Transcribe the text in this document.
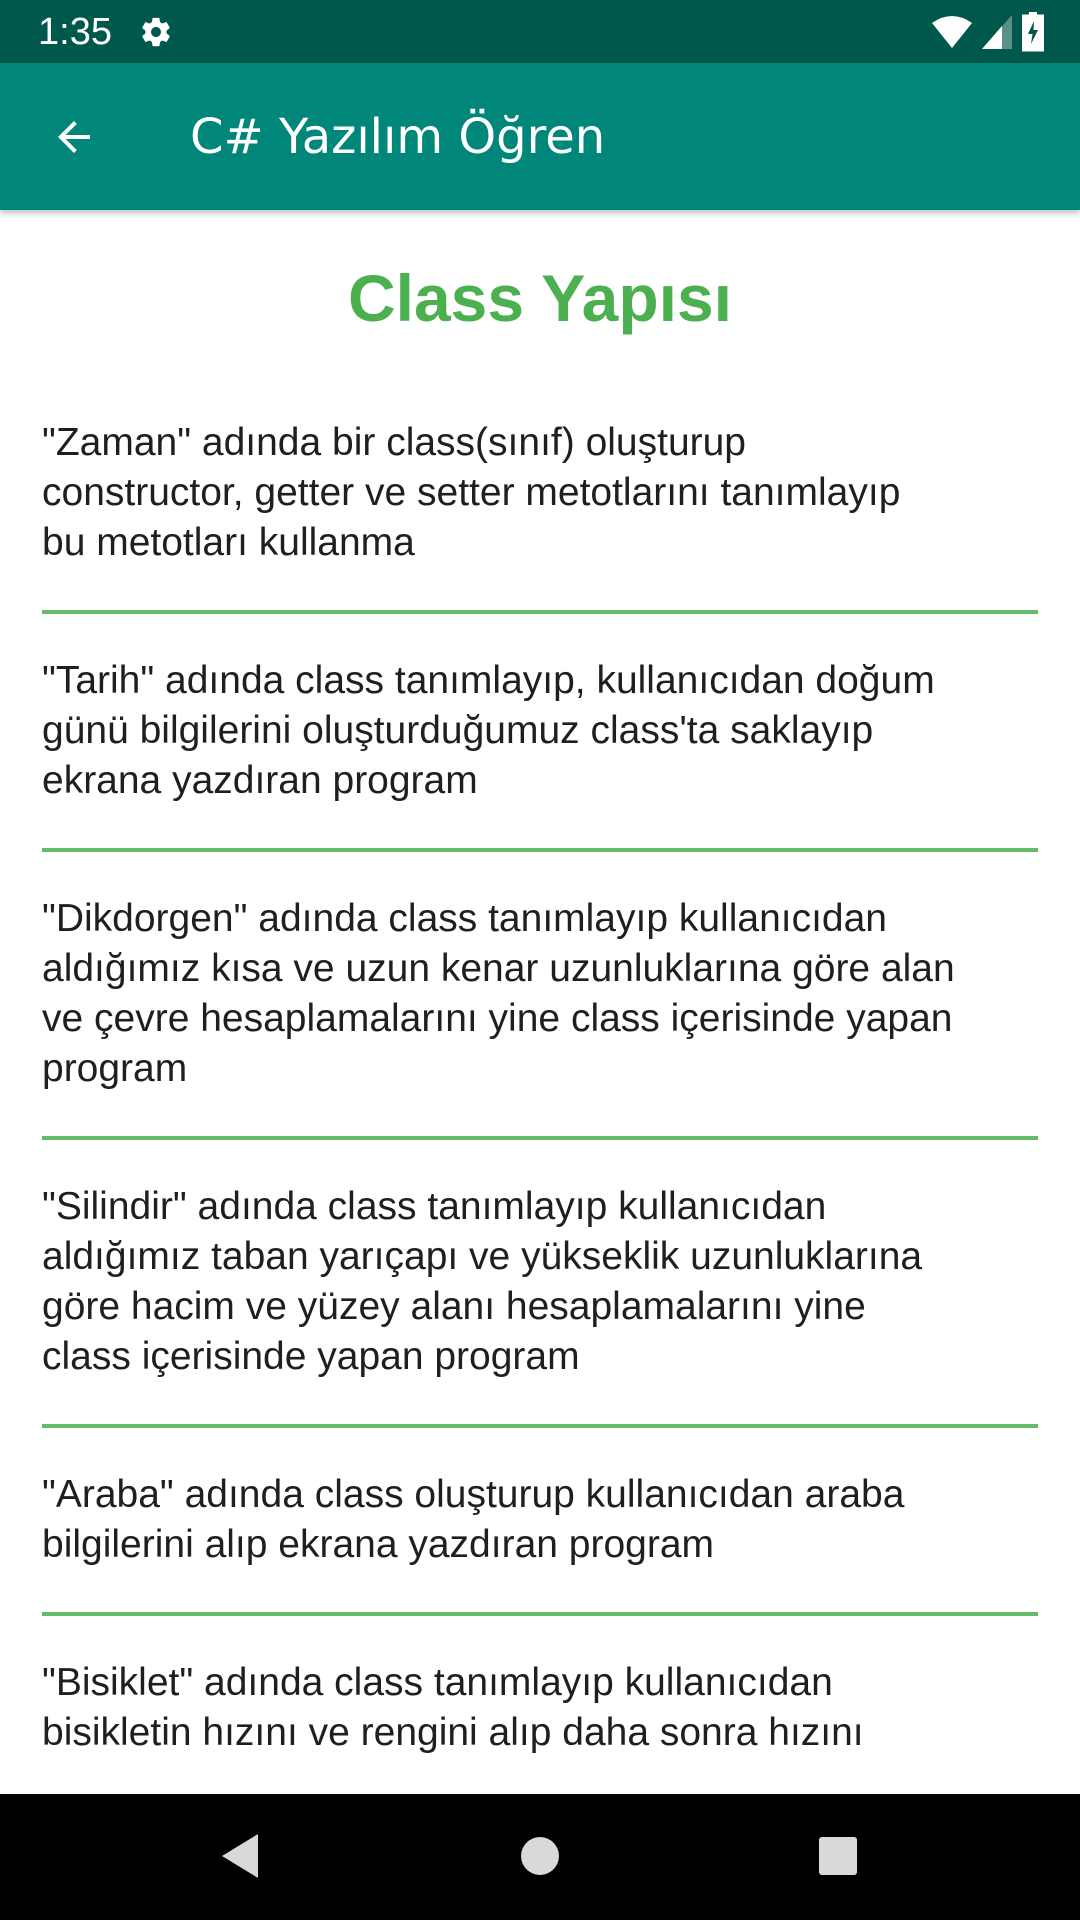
1:35
C# Yazılım Öğren
Class Yapısı
"Zaman" adında bir class(sınıf) oluşturup
constructor, getter ve setter metotlarını tanımlayıp
bu metotları kullanma
"Tarih" adında class tanımlayıp, kullanıcıdan doğum
günü bilgilerini oluşturduğumuz class'ta saklayıp
ekrana yazdıran program
"Dikdorgen" adında class tanımlayıp kullanıcıdan
aldığımız kısa ve uzun kenar uzunluklarına göre alan
ve çevre hesaplamalarını yine class içerisinde yapan
program
"Silindir" adında class tanımlayıp kullanıcıdan
aldığımız taban yarıçapı ve yükseklik uzunluklarına
göre hacim ve yüzey alanı hesaplamalarını yine
class içerisinde yapan program
"Araba" adında class oluşturup kullanıcıdan araba
bilgilerini alıp ekrana yazdıran program
"Bisiklet" adında class tanımlayıp kullanıcıdan
bisikletin hızını ve rengini alıp daha sonra hızını
